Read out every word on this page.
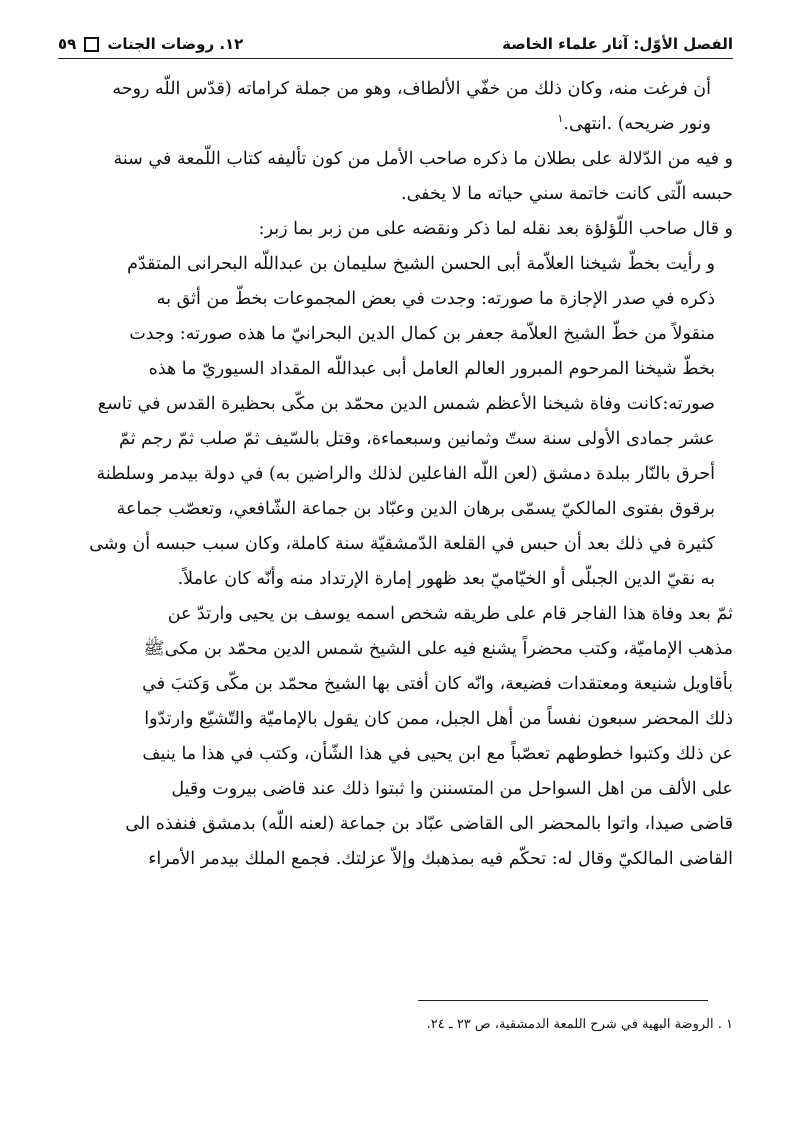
الفصل الأوّل: آثار علماء الخاصة
١٢. روضات الجنات
٥٩
أن فرغت منه، وكان ذلك من خفّي الألطاف، وهو من جملة كراماته (قدّس اللّه روحه
ونور ضريحه) .انتهى.$^١$
و فيه من الدّلالة على بطلان ما ذكره صاحب الأمل من كون تأليفه كتاب اللّمعة في سنة
حبسه الّتى كانت خاتمة سني حياته ما لا يخفى.
و قال صاحب اللّؤلؤة بعد نقله لما ذكر ونقضه على من زبر بما زبر:
و رأيت بخطّ شيخنا العلاّمة أبى الحسن الشيخ سليمان بن عبداللّه البحرانى المتقدّم
ذكره في صدر الإجازة ما صورته: وجدت في بعض المجموعات بخطّ من أثق به
منقولاً من خطّ الشيخ العلاّمة جعفر بن كمال الدين البحرانيّ ما هذه صورته: وجدت
بخطّ شيخنا المرحوم المبرور العالم العامل أبى عبداللّه المقداد السيوريّ ما هذه
صورته:كانت وفاة شيخنا الأعظم شمس الدين محمّد بن مكّى بحظيرة القدس في تاسع
عشر جمادى الأولى سنة ستّ وثمانين وسبعماءة، وقتل بالسّيف ثمّ صلب ثمّ رجم ثمّ
أحرق بالنّار ببلدة دمشق (لعن اللّه الفاعلين لذلك والراضين به) في دولة بيدمر وسلطنة
برقوق بفتوى المالكيّ يسمّى برهان الدين وعبّاد بن جماعة الشّافعي، وتعصّب جماعة
كثيرة في ذلك بعد أن حبس في القلعة الدّمشقيّة سنة كاملة، وكان سبب حبسه أن وشى
به نقيّ الدين الجبلّى أو الخيّاميّ بعد ظهور إمارة الإرتداد منه وأنّه كان عاملاً.
ثمّ بعد وفاة هذا الفاجر قام على طريقه شخص اسمه يوسف بن يحيى وارتدّ عن
مذهب الإماميّة، وكتب محضراً يشنع فيه على الشيخ شمس الدين محمّد بن مكىﷺ
بأقاويل شنيعة ومعتقدات فضيعة، وانّه كان أفتى بها الشيخ محمّد بن مكّى وَكتبَ في
ذلك المحضر سبعون نفساً من أهل الجبل، ممن كان يقول بالإماميّة والتّشيّع وارتدّوا
عن ذلك وكتبوا خطوطهم تعصّباً مع ابن يحيى في هذا الشّأن، وكتب في هذا ما ينيف
على الألف من اهل السواحل من المتسننن وا ثبتوا ذلك عند قاضى بيروت وقيل
قاضى صيدا، واتوا بالمحضر الى القاضى عبّاد بن جماعة (لعنه اللّه) بدمشق فنفذه الى
القاضى المالكيّ وقال له: تحكّم فيه بمذهبك وإلاّ عزلتك. فجمع الملك بيدمر الأمراء
١ . الروضة البهية في شرح اللمعة الدمشقية، ص ٢٣ ـ ٢٤.
